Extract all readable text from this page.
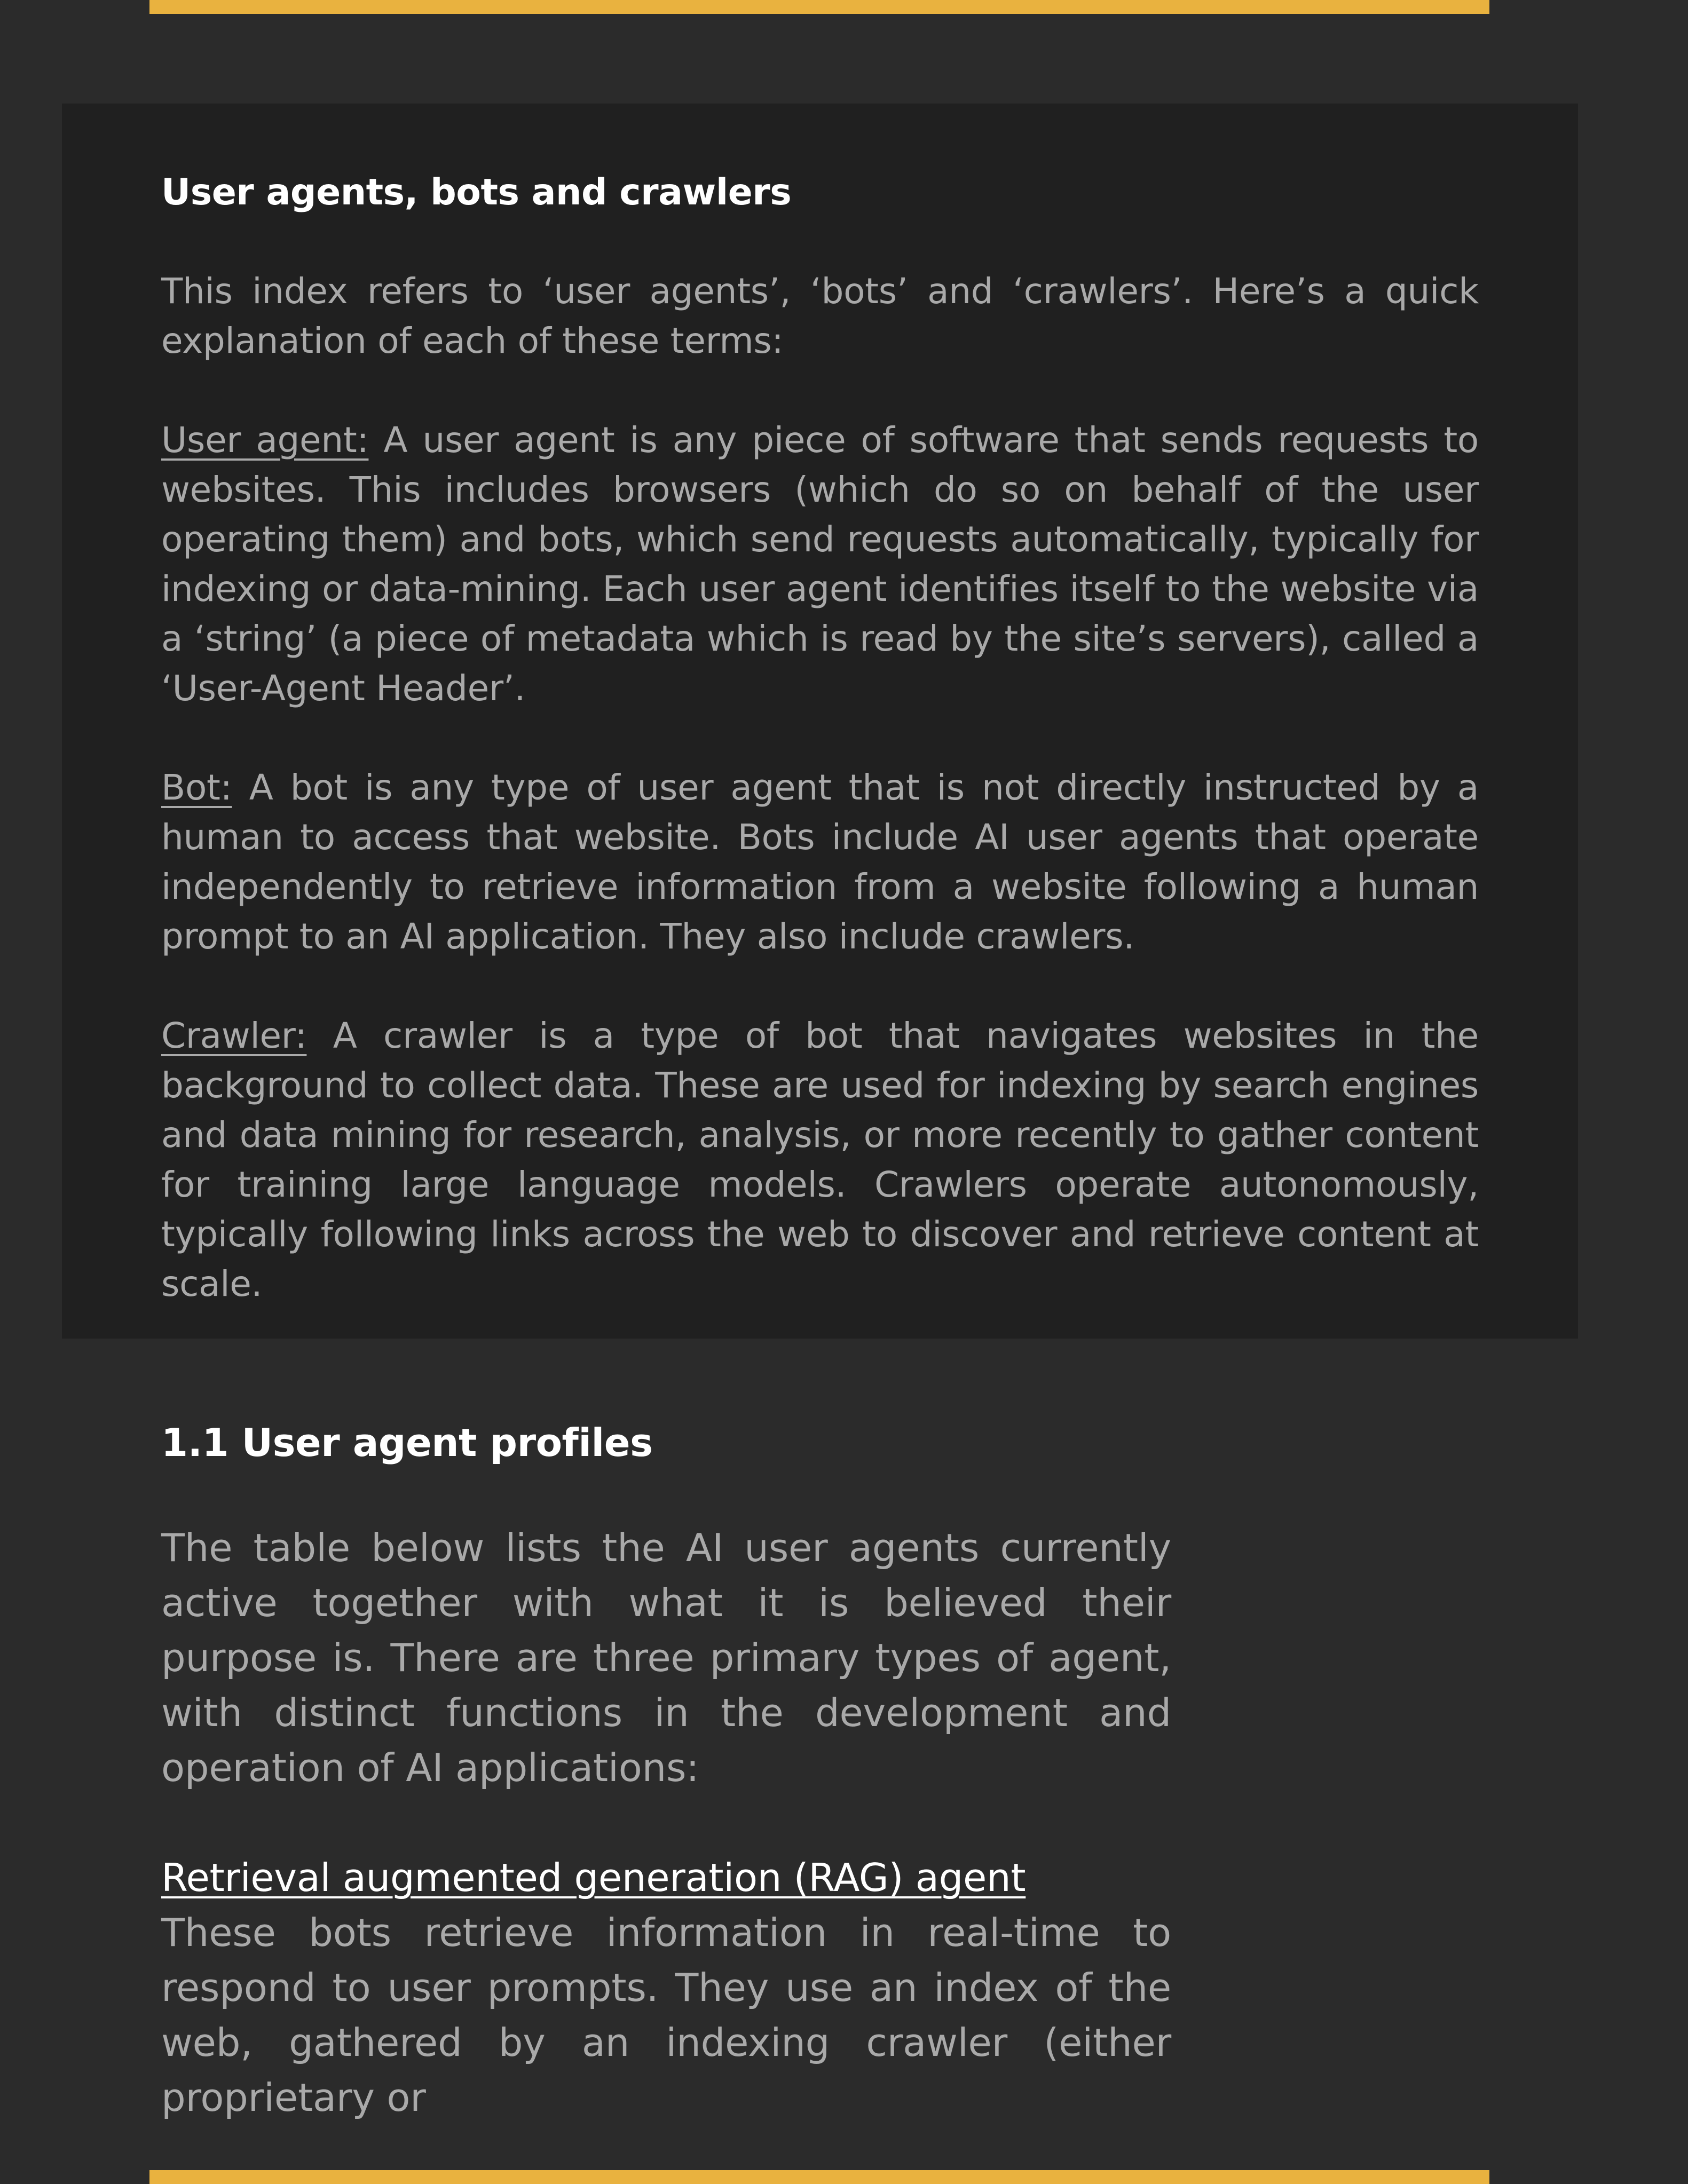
User agents, bots and crawlers

This index refers to ‘user agents’, ‘bots’ and ‘crawlers’. Here’s a quick explanation of each of these terms:

User agent: A user agent is any piece of software that sends requests to websites. This includes browsers (which do so on behalf of the user operating them) and bots, which send requests automatically, typically for indexing or data-mining. Each user agent identifies itself to the website via a ‘string’ (a piece of metadata which is read by the site’s servers), called a ‘User-Agent Header’.

Bot: A bot is any type of user agent that is not directly instructed by a human to access that website. Bots include AI user agents that operate independently to retrieve information from a website following a human prompt to an AI application. They also include crawlers.

Crawler: A crawler is a type of bot that navigates websites in the background to collect data. These are used for indexing by search engines and data mining for research, analysis, or more recently to gather content for training large language models. Crawlers operate autonomously, typically following links across the web to discover and retrieve content at scale.

1.1 User agent profiles

The table below lists the AI user agents currently active together with what it is believed their purpose is. There are three primary types of agent, with distinct functions in the development and operation of AI applications:

Retrieval augmented generation (RAG) agent

These bots retrieve information in real-time to respond to user prompts. They use an index of the web, gathered by an indexing crawler (either proprietary or
